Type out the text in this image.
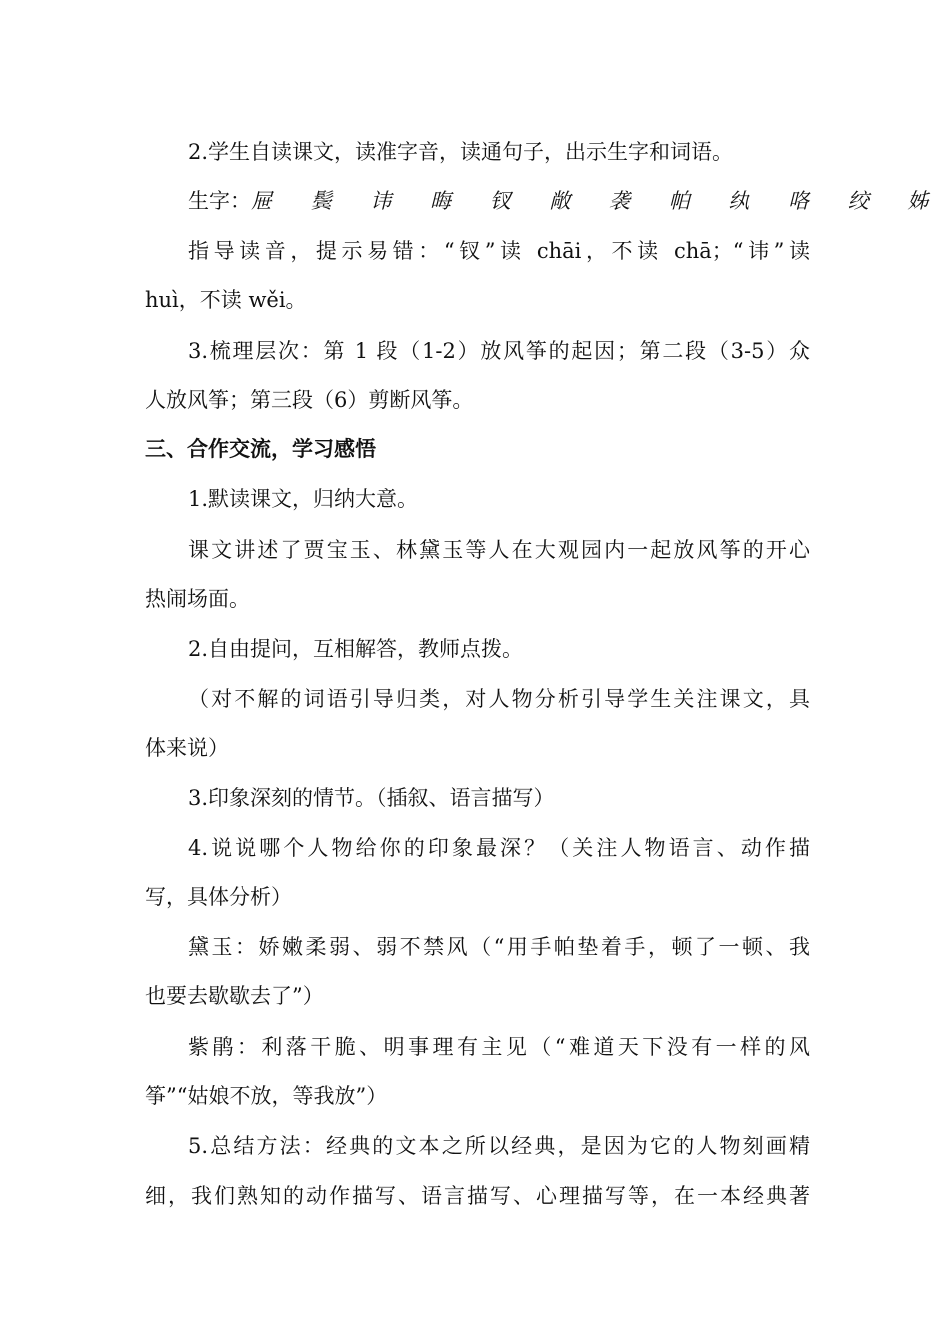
2.学生自读课文，读准字音，读通句子，出示生字和词语。
生字：屉 鬓 讳 晦 钗 敞 袭 帕 纨 咯 绞 姊
指导读音，提示易错：“钗”读 chāi，不读 chā；“讳”读
huì，不读 wěi。
3.梳理层次：第 1 段（1-2）放风筝的起因；第二段（3-5）众
人放风筝；第三段（6）剪断风筝。
三、合作交流，学习感悟
1.默读课文，归纳大意。
课文讲述了贾宝玉、林黛玉等人在大观园内一起放风筝的开心
热闹场面。
2.自由提问，互相解答，教师点拨。
（对不解的词语引导归类，对人物分析引导学生关注课文，具
体来说）
3.印象深刻的情节。（插叙、语言描写）
4.说说哪个人物给你的印象最深？（关注人物语言、动作描
写，具体分析）
黛玉：娇嫩柔弱、弱不禁风（“用手帕垫着手，顿了一顿、我
也要去歇歇去了”）
紫鹃：利落干脆、明事理有主见（“难道天下没有一样的风
筝”“姑娘不放，等我放”）
5.总结方法：经典的文本之所以经典，是因为它的人物刻画精
细，我们熟知的动作描写、语言描写、心理描写等，在一本经典著
